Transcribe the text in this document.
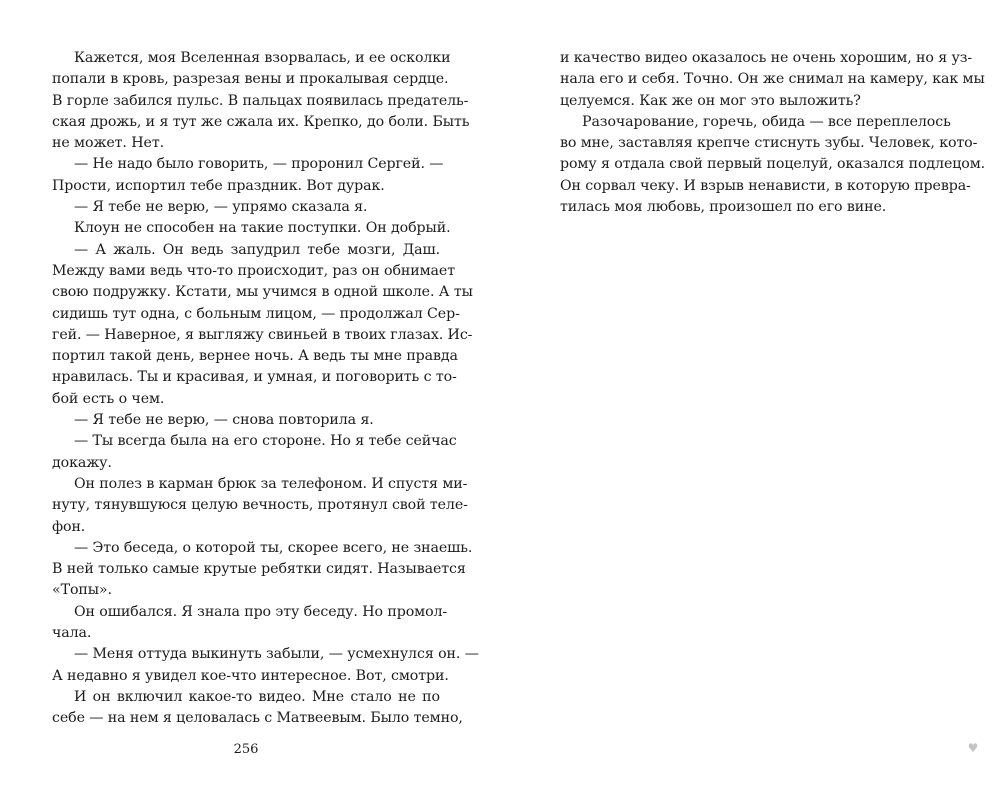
Кажется, моя Вселенная взорвалась, и ее осколки
попали в кровь, разрезая вены и прокалывая сердце.
В горле забился пульс. В пальцах появилась предатель-
ская дрожь, и я тут же сжала их. Крепко, до боли. Быть
не может. Нет.
— Не надо было говорить, — проронил Сергей. —
Прости, испортил тебе праздник. Вот дурак.
— Я тебе не верю, — упрямо сказала я.
Клоун не способен на такие поступки. Он добрый.
— А жаль. Он ведь запудрил тебе мозги, Даш.
Между вами ведь что-то происходит, раз он обнимает
свою подружку. Кстати, мы учимся в одной школе. А ты
сидишь тут одна, с больным лицом, — продолжал Сер-
гей. — Наверное, я выгляжу свиньей в твоих глазах. Ис-
портил такой день, вернее ночь. А ведь ты мне правда
нравилась. Ты и красивая, и умная, и поговорить с то-
бой есть о чем.
— Я тебе не верю, — снова повторила я.
— Ты всегда была на его стороне. Но я тебе сейчас
докажу.
Он полез в карман брюк за телефоном. И спустя ми-
нуту, тянувшуюся целую вечность, протянул свой теле-
фон.
— Это беседа, о которой ты, скорее всего, не знаешь.
В ней только самые крутые ребятки сидят. Называется
«Топы».
Он ошибался. Я знала про эту беседу. Но промол-
чала.
— Меня оттуда выкинуть забыли, — усмехнулся он. —
А недавно я увидел кое-что интересное. Вот, смотри.
И он включил какое-то видео. Мне стало не по
себе — на нем я целовалась с Матвеевым. Было темно,
и качество видео оказалось не очень хорошим, но я уз-
нала его и себя. Точно. Он же снимал на камеру, как мы
целуемся. Как же он мог это выложить?
Разочарование, горечь, обида — все переплелось
во мне, заставляя крепче стиснуть зубы. Человек, кото-
рому я отдала свой первый поцелуй, оказался подлецом.
Он сорвал чеку. И взрыв ненависти, в которую превра-
тилась моя любовь, произошел по его вине.
256	♥
